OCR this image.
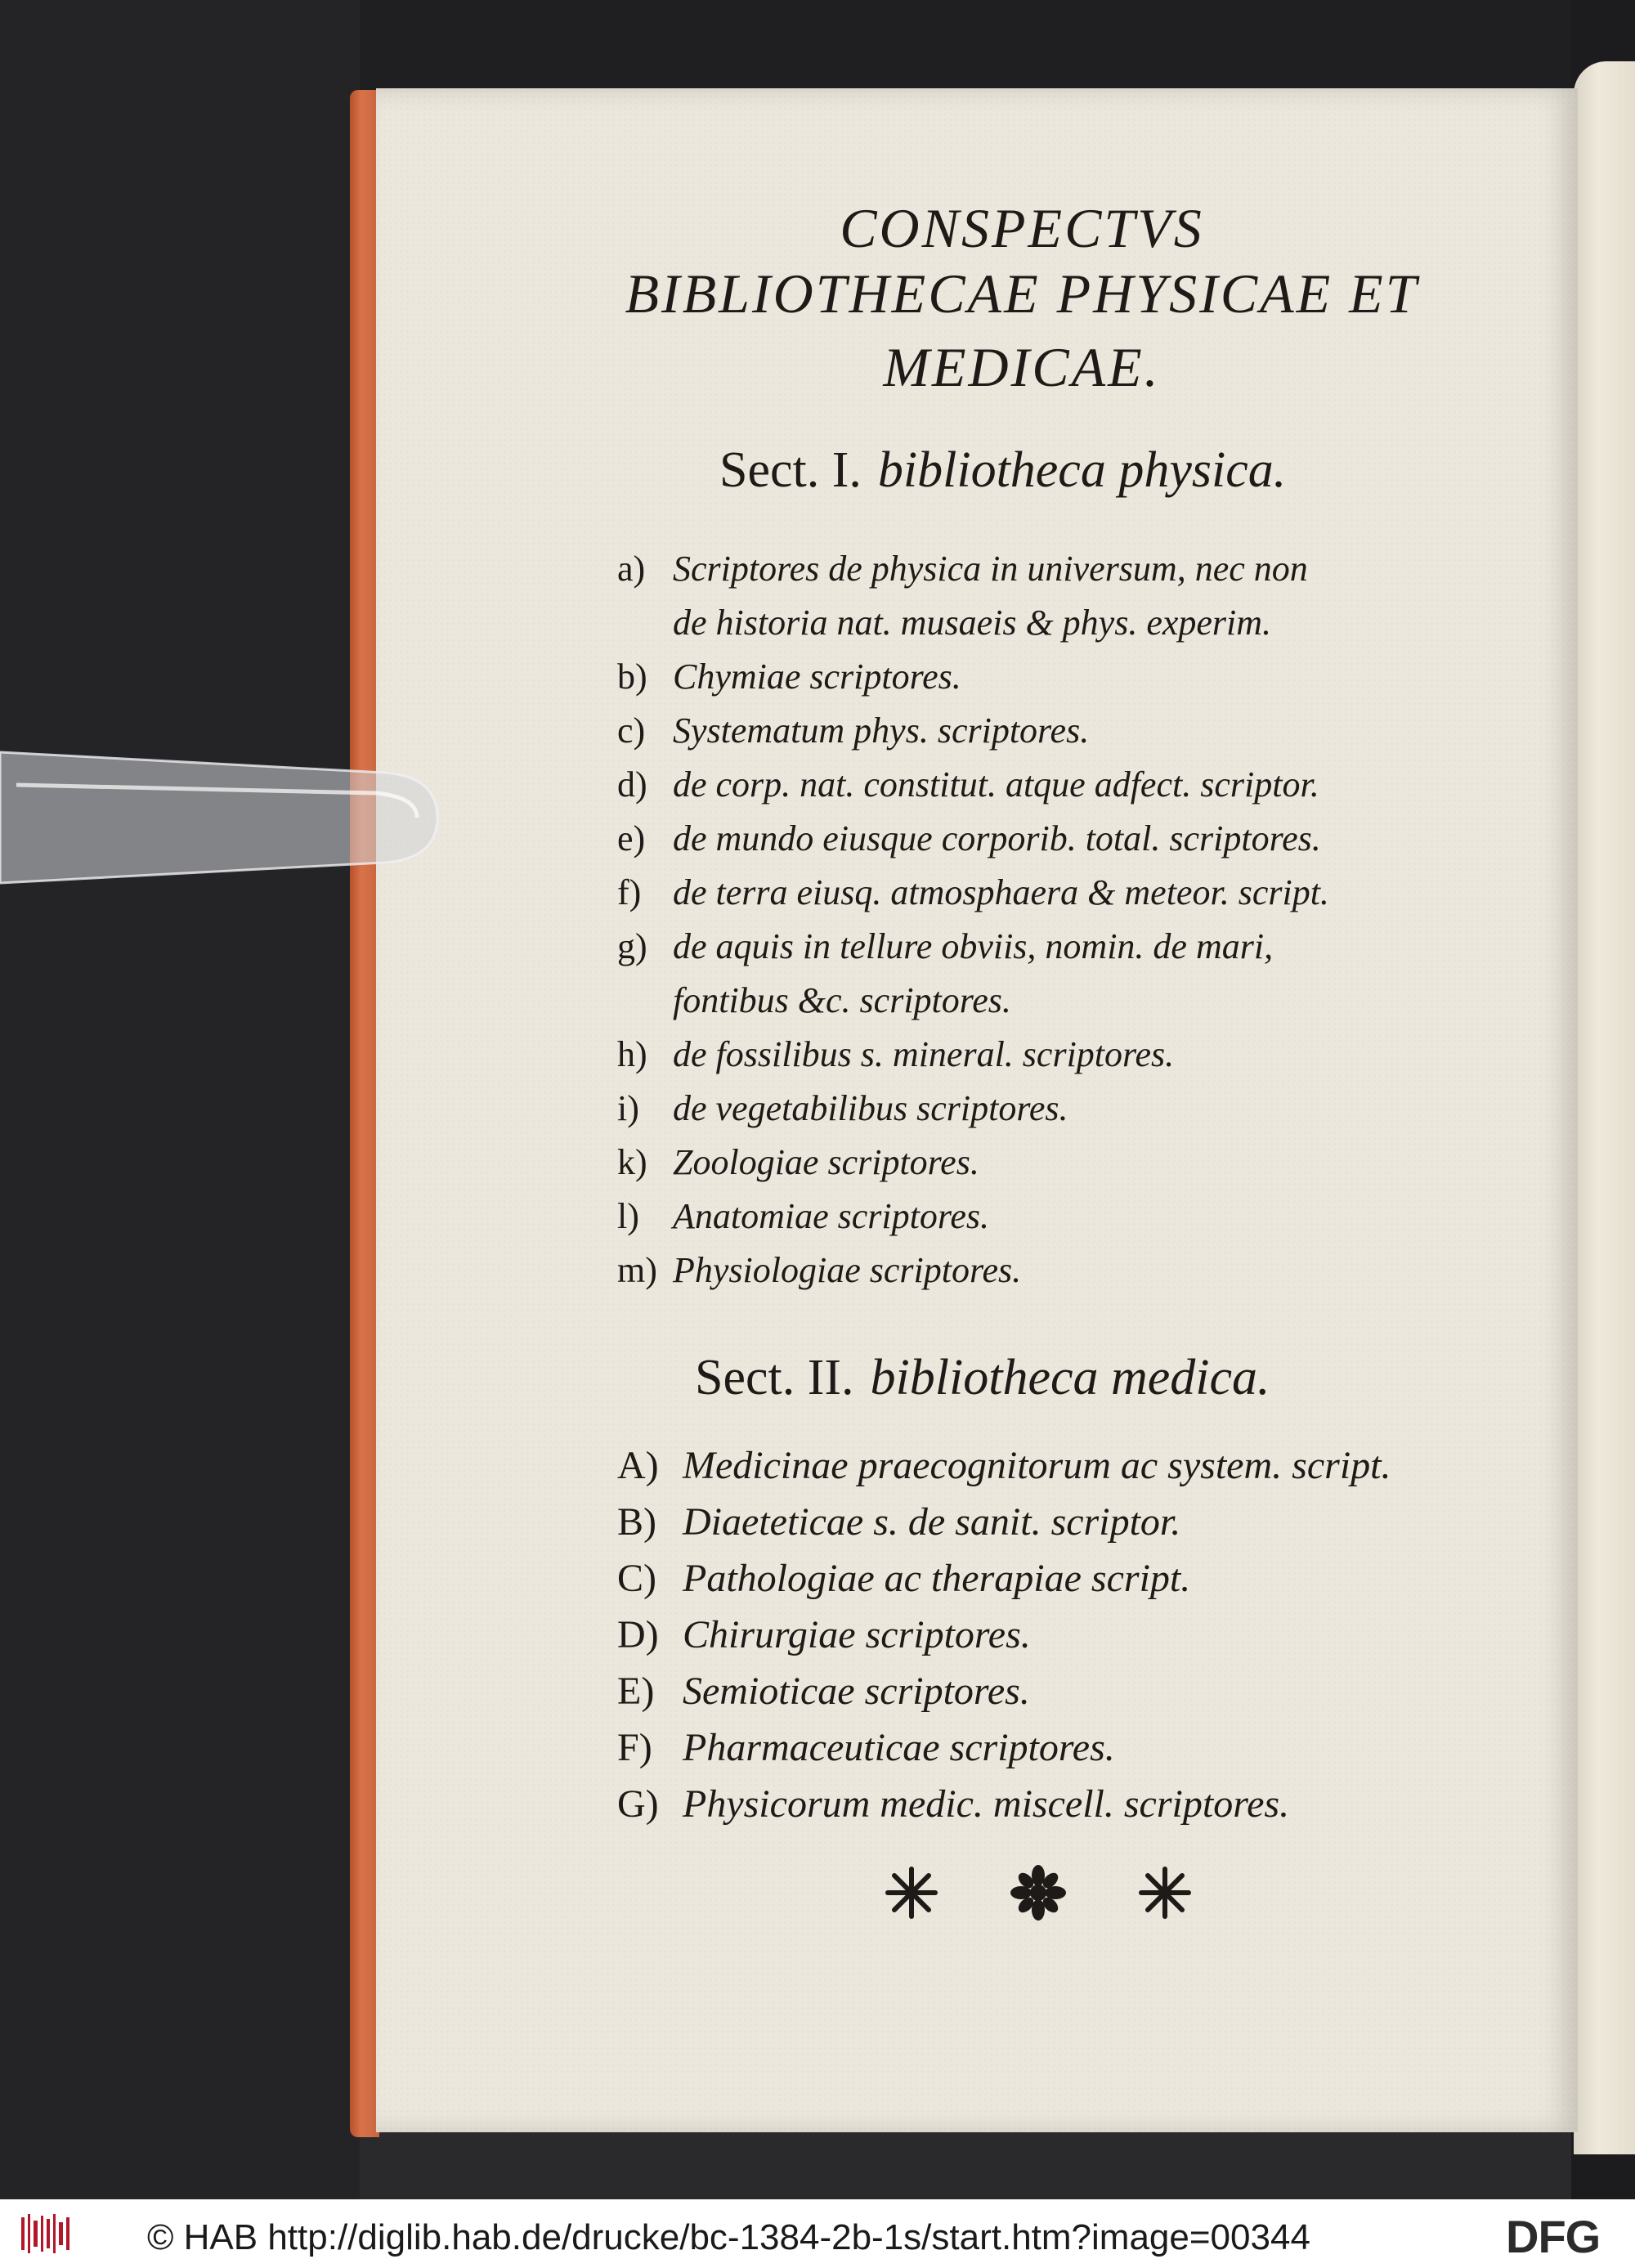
CONSPECTVS
BIBLIOTHECAE PHYSICAE ET
MEDICAE.
Sect. I. bibliotheca physica.
a) Scriptores de physica in universum, nec non
de historia nat. musaeis & phys. experim.
b) Chymiae scriptores.
c) Systematum phys. scriptores.
d) de corp. nat. constitut. atque adfect. scriptor.
e) de mundo eiusque corporib. total. scriptores.
f) de terra eiusq. atmosphaera & meteor. script.
g) de aquis in tellure obviis, nomin. de mari,
fontibus &c. scriptores.
h) de fossilibus s. mineral. scriptores.
i) de vegetabilibus scriptores.
k) Zoologiae scriptores.
l) Anatomiae scriptores.
m) Physiologiae scriptores.
Sect. II. bibliotheca medica.
A) Medicinae praecognitorum ac system. script.
B) Diaeteticae s. de sanit. scriptor.
C) Pathologiae ac therapiae script.
D) Chirurgiae scriptores.
E) Semioticae scriptores.
F) Pharmaceuticae scriptores.
G) Physicorum medic. miscell. scriptores.
© HAB http://diglib.hab.de/drucke/bc-1384-2b-1s/start.htm?image=00344	DFG
